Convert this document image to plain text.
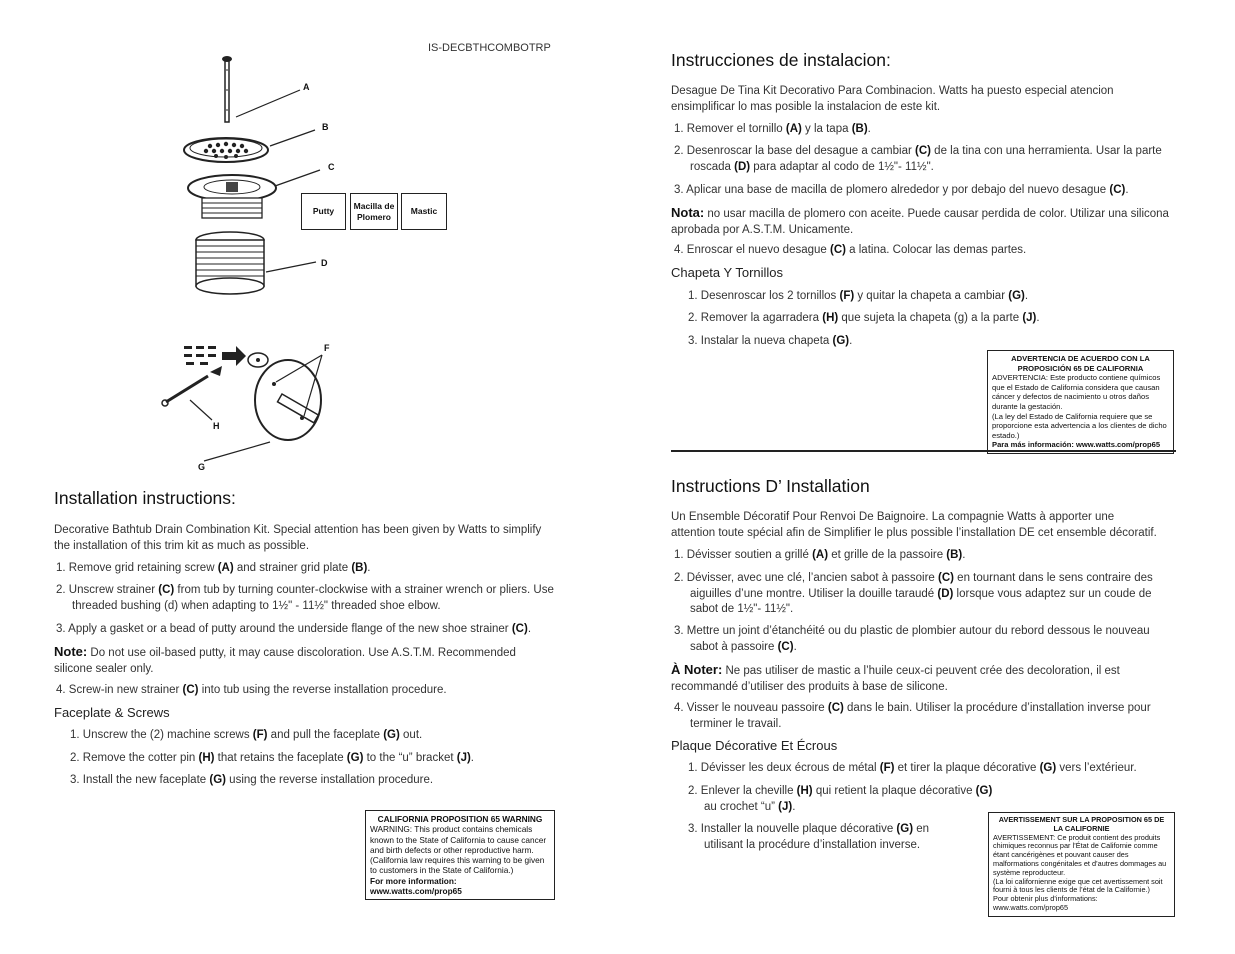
IS-DECBTHCOMBOTRP
A
B
C
D
F
H
G
Putty
Macilla de Plomero
Mastic
Installation instructions:

Decorative Bathtub Drain Combination Kit. Special attention has been given by Watts to simplify the installation of this trim kit as much as possible.

1. Remove grid retaining screw (A) and strainer grid plate (B).
2. Unscrew strainer (C) from tub by turning counter-clockwise with a strainer wrench or pliers. Use threaded bushing (d) when adapting to 1½" - 11½" threaded shoe elbow.
3. Apply a gasket or a bead of putty around the underside flange of the new shoe strainer (C).
Note: Do not use oil-based putty, it may cause discoloration. Use A.S.T.M. Recommended silicone sealer only.
4. Screw-in new strainer (C) into tub using the reverse installation procedure.
Faceplate & Screws
1. Unscrew the (2) machine screws (F) and pull the faceplate (G) out.
2. Remove the cotter pin (H) that retains the faceplate (G) to the “u” bracket (J).
3. Install the new faceplate (G) using the reverse installation procedure.
CALIFORNIA PROPOSITION 65 WARNING
WARNING: This product contains chemicals known to the State of California to cause cancer and birth defects or other reproductive harm.
(California law requires this warning to be given to customers in the State of California.)
For more information: www.watts.com/prop65
Instrucciones de instalacion:

Desague De Tina Kit Decorativo Para Combinacion. Watts ha puesto especial atencion ensimplificar lo mas posible la instalacion de este kit.

1. Remover el tornillo (A) y la tapa (B).
2. Desenroscar la base del desague a cambiar (C) de la tina con una herramienta. Usar la parte roscada (D) para adaptar al codo de 1½"- 11½".
3. Aplicar una base de macilla de plomero alrededor y por debajo del nuevo desague (C).
Nota: no usar macilla de plomero con aceite. Puede causar perdida de color. Utilizar una silicona aprobada por A.S.T.M. Unicamente.
4. Enroscar el nuevo desague (C) a latina. Colocar las demas partes.
Chapeta Y Tornillos
1. Desenroscar los 2 tornillos (F) y quitar la chapeta a cambiar (G).
2. Remover la agarradera (H) que sujeta la chapeta (g) a la parte (J).
3. Instalar la nueva chapeta (G).
ADVERTENCIA DE ACUERDO CON LA PROPOSICIÓN 65 DE CALIFORNIA
ADVERTENCIA: Este producto contiene químicos que el Estado de California considera que causan cáncer y defectos de nacimiento u otros daños durante la gestación.
(La ley del Estado de California requiere que se proporcione esta advertencia a los clientes de dicho estado.)
Para más información: www.watts.com/prop65
Instructions D’ Installation

Un Ensemble Décoratif Pour Renvoi De Baignoire. La compagnie Watts à apporter une attention toute spécial afin de Simplifier le plus possible l’installation DE cet ensemble décoratif.

1. Dévisser soutien a grillé (A) et grille de la passoire (B).
2. Dévisser, avec une clé, l’ancien sabot à passoire (C) en tournant dans le sens contraire des aiguilles d’une montre. Utiliser la douille taraudé (D) lorsque vous adaptez sur un coude de sabot de 1½"- 11½".
3. Mettre un joint d’étanchéité ou du plastic de plombier autour du rebord dessous le nouveau sabot à passoire (C).
À Noter: Ne pas utiliser de mastic a l’huile ceux-ci peuvent crée des decoloration, il est recommandé d’utiliser des produits à base de silicone.
4. Visser le nouveau passoire (C) dans le bain. Utiliser la procédure d’installation inverse pour terminer le travail.
Plaque Décorative Et Écrous
1. Dévisser les deux écrous de métal (F) et tirer la plaque décorative (G) vers l’extérieur.
2. Enlever la cheville (H) qui retient la plaque décorative (G) au crochet “u” (J).
3. Installer la nouvelle plaque décorative (G) en utilisant la procédure d’installation inverse.
AVERTISSEMENT SUR LA PROPOSITION 65 DE LA CALIFORNIE
AVERTISSEMENT: Ce produit contient des produits chimiques reconnus par l’État de Californie comme étant cancérigènes et pouvant causer des malformations congénitales et d’autres dommages au système reproducteur.
(La loi californienne exige que cet avertissement soit fourni à tous les clients de l’état de la Californie.)
Pour obtenir plus d’informations: www.watts.com/prop65
